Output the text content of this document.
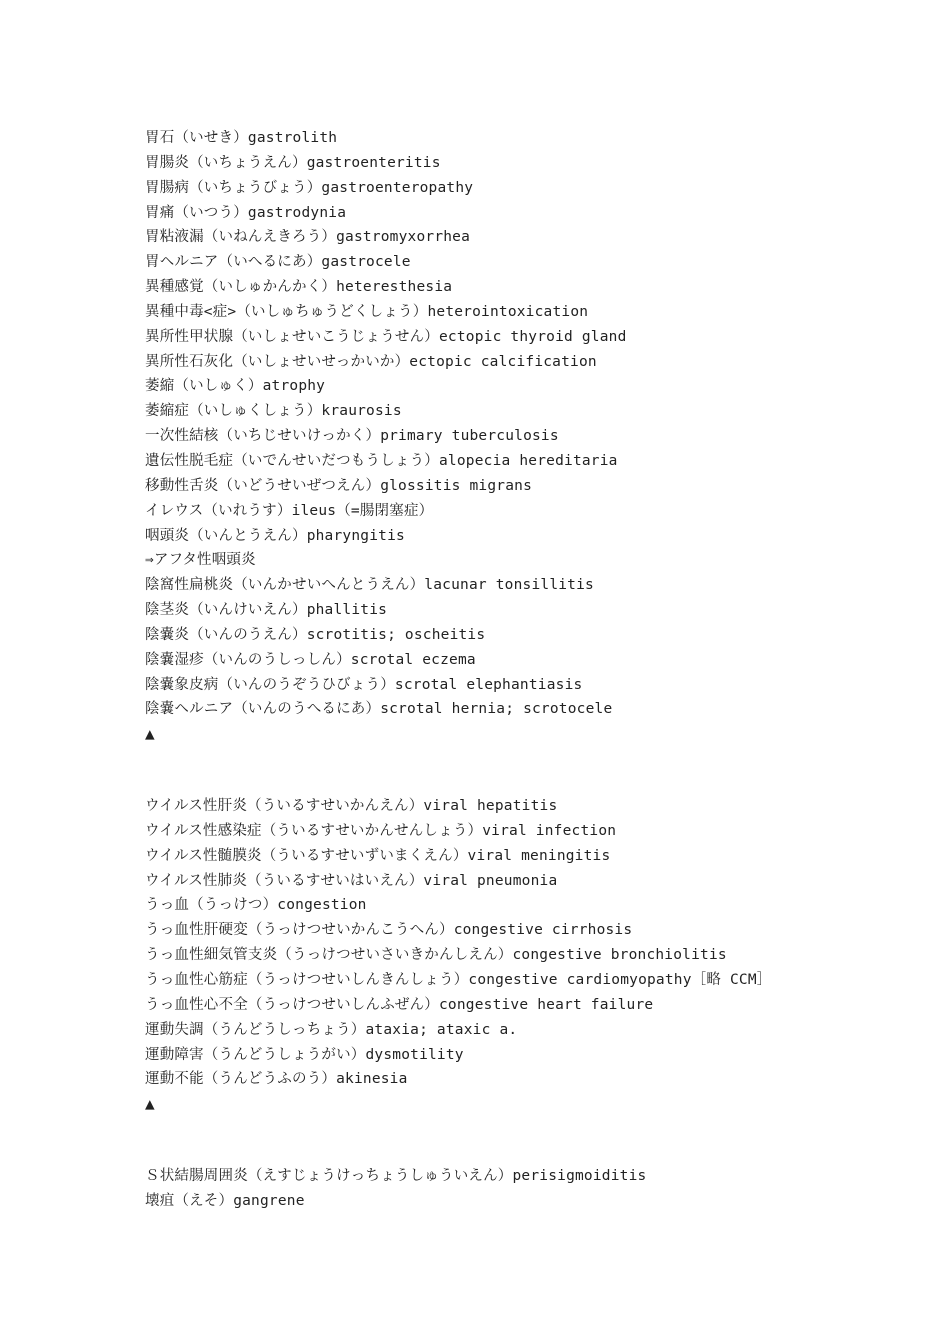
胃石（いせき）gastrolith
胃腸炎（いちょうえん）gastroenteritis
胃腸病（いちょうびょう）gastroenteropathy
胃痛（いつう）gastrodynia
胃粘液漏（いねんえきろう）gastromyxorrhea
胃ヘルニア（いへるにあ）gastrocele
異種感覚（いしゅかんかく）heteresthesia
異種中毒<症>（いしゅちゅうどくしょう）heterointoxication
異所性甲状腺（いしょせいこうじょうせん）ectopic thyroid gland
異所性石灰化（いしょせいせっかいか）ectopic calcification
萎縮（いしゅく）atrophy
萎縮症（いしゅくしょう）kraurosis
一次性結核（いちじせいけっかく）primary tuberculosis
遺伝性脱毛症（いでんせいだつもうしょう）alopecia hereditaria
移動性舌炎（いどうせいぜつえん）glossitis migrans
イレウス（いれうす）ileus（=腸閉塞症）
咽頭炎（いんとうえん）pharyngitis
⇒アフタ性咽頭炎
陰窩性扁桃炎（いんかせいへんとうえん）lacunar tonsillitis
陰茎炎（いんけいえん）phallitis
陰嚢炎（いんのうえん）scrotitis; oscheitis
陰嚢湿疹（いんのうしっしん）scrotal eczema
陰嚢象皮病（いんのうぞうひびょう）scrotal elephantiasis
陰嚢ヘルニア（いんのうへるにあ）scrotal hernia; scrotocele
▲
ウイルス性肝炎（ういるすせいかんえん）viral hepatitis
ウイルス性感染症（ういるすせいかんせんしょう）viral infection
ウイルス性髄膜炎（ういるすせいずいまくえん）viral meningitis
ウイルス性肺炎（ういるすせいはいえん）viral pneumonia
うっ血（うっけつ）congestion
うっ血性肝硬変（うっけつせいかんこうへん）congestive cirrhosis
うっ血性細気管支炎（うっけつせいさいきかんしえん）congestive bronchiolitis
うっ血性心筋症（うっけつせいしんきんしょう）congestive cardiomyopathy［略 CCM］
うっ血性心不全（うっけつせいしんふぜん）congestive heart failure
運動失調（うんどうしっちょう）ataxia; ataxic a.
運動障害（うんどうしょうがい）dysmotility
運動不能（うんどうふのう）akinesia
▲
Ｓ状結腸周囲炎（えすじょうけっちょうしゅういえん）perisigmoiditis
壊疽（えそ）gangrene
